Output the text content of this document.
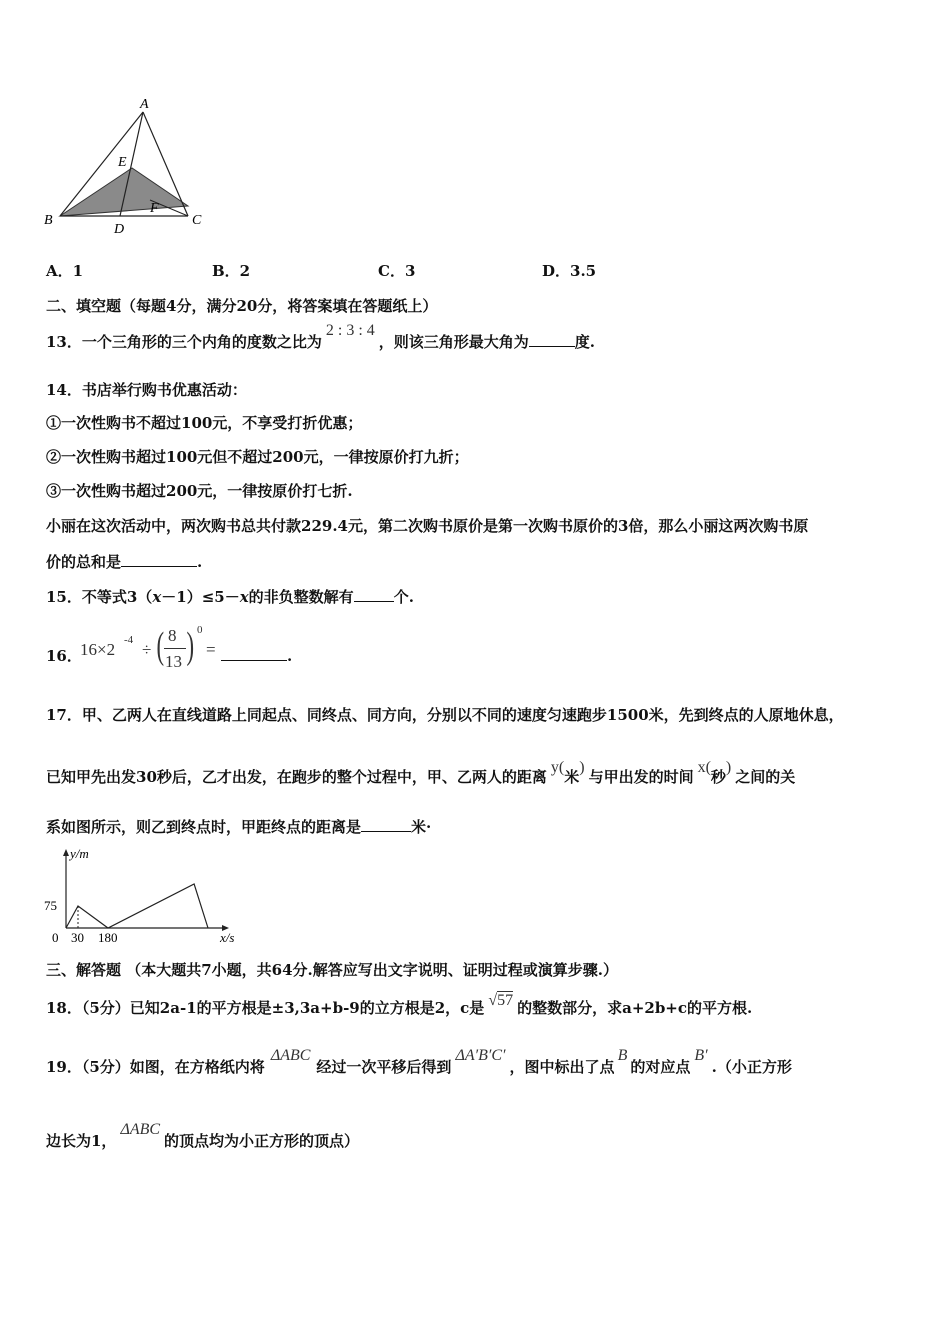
A
B	C
D
E
F
A．1	B．2	C．3	D．3.5
二、填空题（每题4分，满分20分，将答案填在答题纸上）
13．一个三角形的三个内角的度数之比为2 : 3 : 4，则该三角形最大角为	度.
14．书店举行购书优惠活动：
①一次性购书不超过100元，不享受打折优惠；
②一次性购书超过100元但不超过200元，一律按原价打九折；
③一次性购书超过200元，一律按原价打七折.
小丽在这次活动中，两次购书总共付款229.4元，第二次购书原价是第一次购书原价的3倍，那么小丽这两次购书原
价的总和是	.
15．不等式3（x－1）≤5－x的非负整数解有	个.
16．
16×2 -4 ÷ ( 8
13 ) 0
=	.
17．甲、乙两人在直线道路上同起点、同终点、同方向，分别以不同的速度匀速跑步1500米，先到终点的人原地休息，
已知甲先出发30秒后，乙才出发，在跑步的整个过程中，甲、乙两人的距离y(米)与甲出发的时间x(秒)之间的关
系如图所示，则乙到终点时，甲距终点的距离是	米·
y/m
x/s
75
0 30 180
三、解答题 （本大题共7小题，共64分.解答应写出文字说明、证明过程或演算步骤.）
18．（5分）已知2a-1的平方根是±3,3a+b-9的立方根是2，c是 √57 的整数部分，求a+2b+c的平方根.
19．（5分）如图，在方格纸内将ΔABC经过一次平移后得到ΔA′B′C′，图中标出了点B的对应点B′.（小正方形
边长为1，ΔABC的顶点均为小正方形的顶点）
